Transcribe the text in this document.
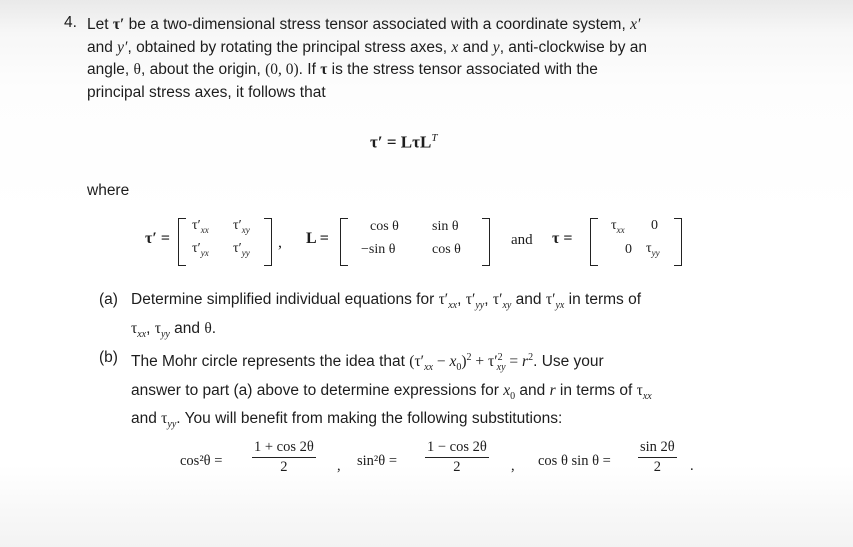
4. Let τ′ be a two-dimensional stress tensor associated with a coordinate system, x′
and y′, obtained by rotating the principal stress axes, x and y, anti-clockwise by an
angle, θ, about the origin, (0, 0). If τ is the stress tensor associated with the
principal stress axes, it follows that
τ′ = LτL$^T$
where
τ′ =
$\tau'_{xx}$ $\tau'_{xy}$
$\tau'_{yx}$ $\tau'_{yy}$
, L =
cos θ sin θ
−sin θ	cos θ
and τ =
$\tau_{xx}$ 0
0 $\tau_{yy}$
(a) Determine simplified individual equations for $\tau'_{xx}$, $\tau'_{yy}$, $\tau'_{xy}$ and $\tau'_{yx}$ in terms of
$\tau_{xx}$, $\tau_{yy}$ and θ.
(b) The Mohr circle represents the idea that $(\tau'_{xx} - x_0)^2 + \tau'^2_{xy} = r^2$. Use your
answer to part (a) above to determine expressions for $x_0$ and r in terms of $\tau_{xx}$
and $\tau_{yy}$. You will benefit from making the following substitutions:
$\cos^2\theta = \frac{1 + \cos 2\theta}{2}$ , $\sin^2\theta = \frac{1 - \cos 2\theta}{2}$ , cos θ $\sin \theta = \frac{\sin 2\theta}{2}$ .
